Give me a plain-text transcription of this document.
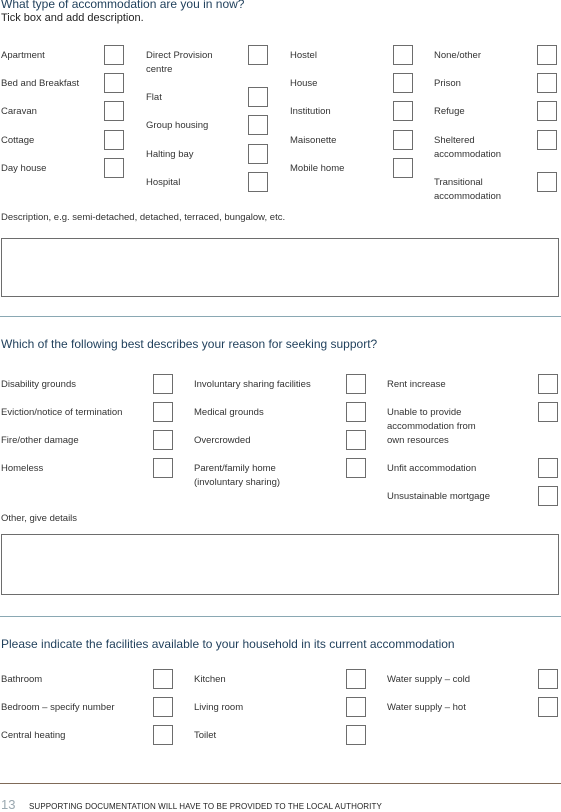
What type of accommodation are you in now?
Tick box and add description.
Apartment
Bed and Breakfast
Caravan
Cottage
Day house
Direct Provision
centre
Flat
Group housing
Halting bay
Hospital
Hostel
House
Institution
Maisonette
Mobile home
None/other
Prison
Refuge
Sheltered
accommodation
Transitional
accommodation
Description, e.g. semi-detached, detached, terraced, bungalow, etc.
Which of the following best describes your reason for seeking support?
Disability grounds
Eviction/notice of termination
Fire/other damage
Homeless
Involuntary sharing facilities
Medical grounds
Overcrowded
Parent/family home
(involuntary sharing)
Rent increase
Unable to provide
accommodation from
own resources
Unfit accommodation
Unsustainable mortgage
Other, give details
Please indicate the facilities available to your household in its current accommodation
Bathroom
Bedroom – specify number
Central heating
Kitchen
Living room
Toilet
Water supply – cold
Water supply – hot
13 SUPPORTING DOCUMENTATION WILL HAVE TO BE PROVIDED TO THE LOCAL AUTHORITY
